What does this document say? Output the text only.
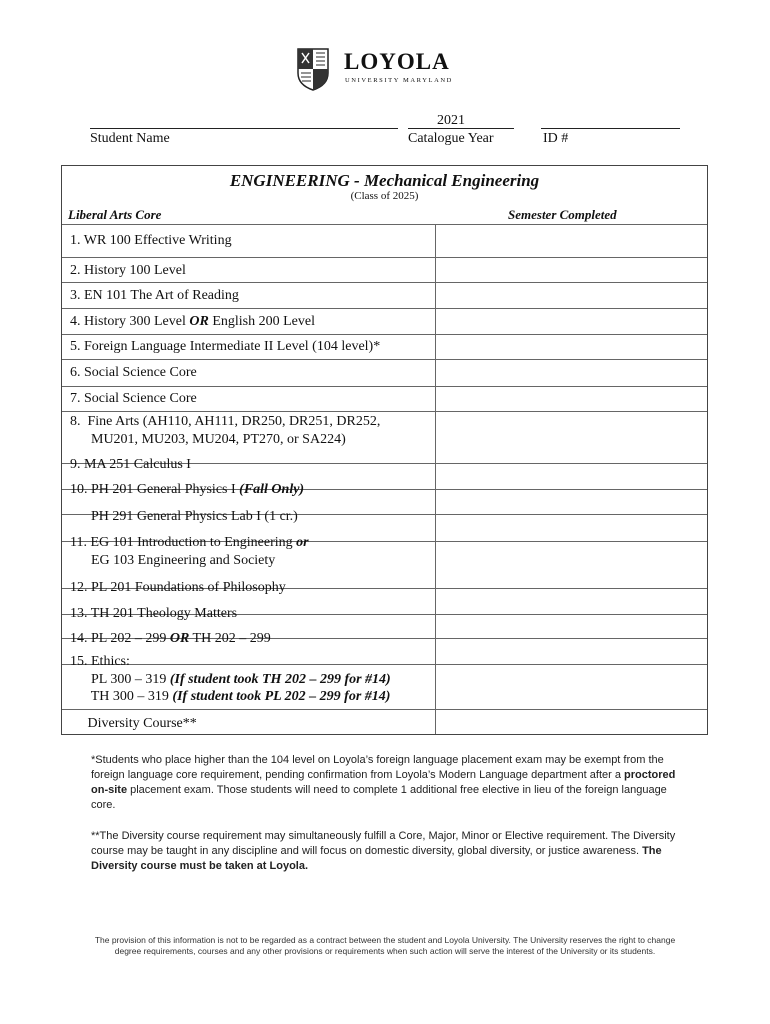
LOYOLA
UNIVERSITY MARYLAND
Student Name
2021
Catalogue Year	ID #
ENGINEERING - Mechanical Engineering
(Class of 2025)
Liberal Arts Core	Semester Completed
1. WR 100 Effective Writing
2. History 100 Level
3. EN 101 The Art of Reading
4. History 300 Level OR English 200 Level
5. Foreign Language Intermediate II Level (104 level)*
6. Social Science Core
7. Social Science Core
8.  Fine Arts (AH110, AH111, DR250, DR251, DR252,
MU201, MU203, MU204, PT270, or SA224)
9. MA 251 Calculus I
10. PH 201 General Physics I (Fall Only)
PH 291 General Physics Lab I (1 cr.)
11. EG 101 Introduction to Engineering or
EG 103 Engineering and Society
12. PL 201 Foundations of Philosophy
13. TH 201 Theology Matters
14. PL 202 – 299 OR TH 202 – 299
15. Ethics:
PL 300 – 319 (If student took TH 202 – 299 for #14)
TH 300 – 319 (If student took PL 202 – 299 for #14)
Diversity Course**
*Students who place higher than the 104 level on Loyola’s foreign language placement exam may be exempt from the foreign language core requirement, pending confirmation from Loyola’s Modern Language department after a proctored on-site placement exam. Those students will need to complete 1 additional free elective in lieu of the foreign language core.
**The Diversity course requirement may simultaneously fulfill a Core, Major, Minor or Elective requirement. The Diversity course may be taught in any discipline and will focus on domestic diversity, global diversity, or justice awareness. The Diversity course must be taken at Loyola.
The provision of this information is not to be regarded as a contract between the student and Loyola University. The University reserves the right to change degree requirements, courses and any other provisions or requirements when such action will serve the interest of the University or its students.
